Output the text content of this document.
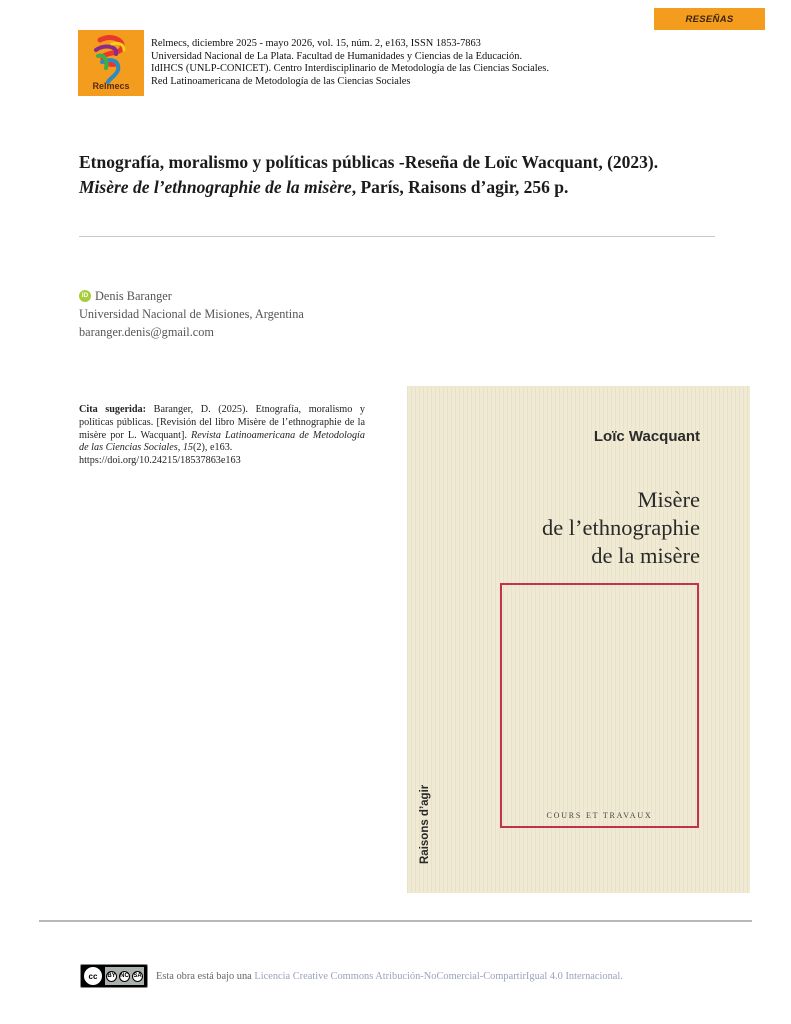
RESEÑAS
Relmecs
Relmecs, diciembre 2025 - mayo 2026, vol. 15, núm. 2, e163, ISSN 1853-7863
Universidad Nacional de La Plata. Facultad de Humanidades y Ciencias de la Educación.
IdIHCS (UNLP-CONICET). Centro Interdisciplinario de Metodología de las Ciencias Sociales.
Red Latinoamericana de Metodología de las Ciencias Sociales
Etnografía, moralismo y políticas públicas -Reseña de Loïc Wacquant, (2023).
Misère de l’ethnographie de la misère, París, Raisons d’agir, 256 p.
iD Denis Baranger
Universidad Nacional de Misiones, Argentina
baranger.denis@gmail.com
Cita sugerida: Baranger, D. (2025). Etnografía, moralismo y políticas públicas. [Revisión del libro Misère de l’ethnographie de la misère por L. Wacquant]. Revista Latinoamericana de Metodología de las Ciencias Sociales, 15(2), e163.
https://doi.org/10.24215/18537863e163
Loïc Wacquant
Misère
de l’ethnographie
de la misère
COURS ET TRAVAUX
Raisons d’agir
cc	BY NC SA Esta obra está bajo una Licencia Creative Commons Atribución-NoComercial-CompartirIgual 4.0 Internacional.
